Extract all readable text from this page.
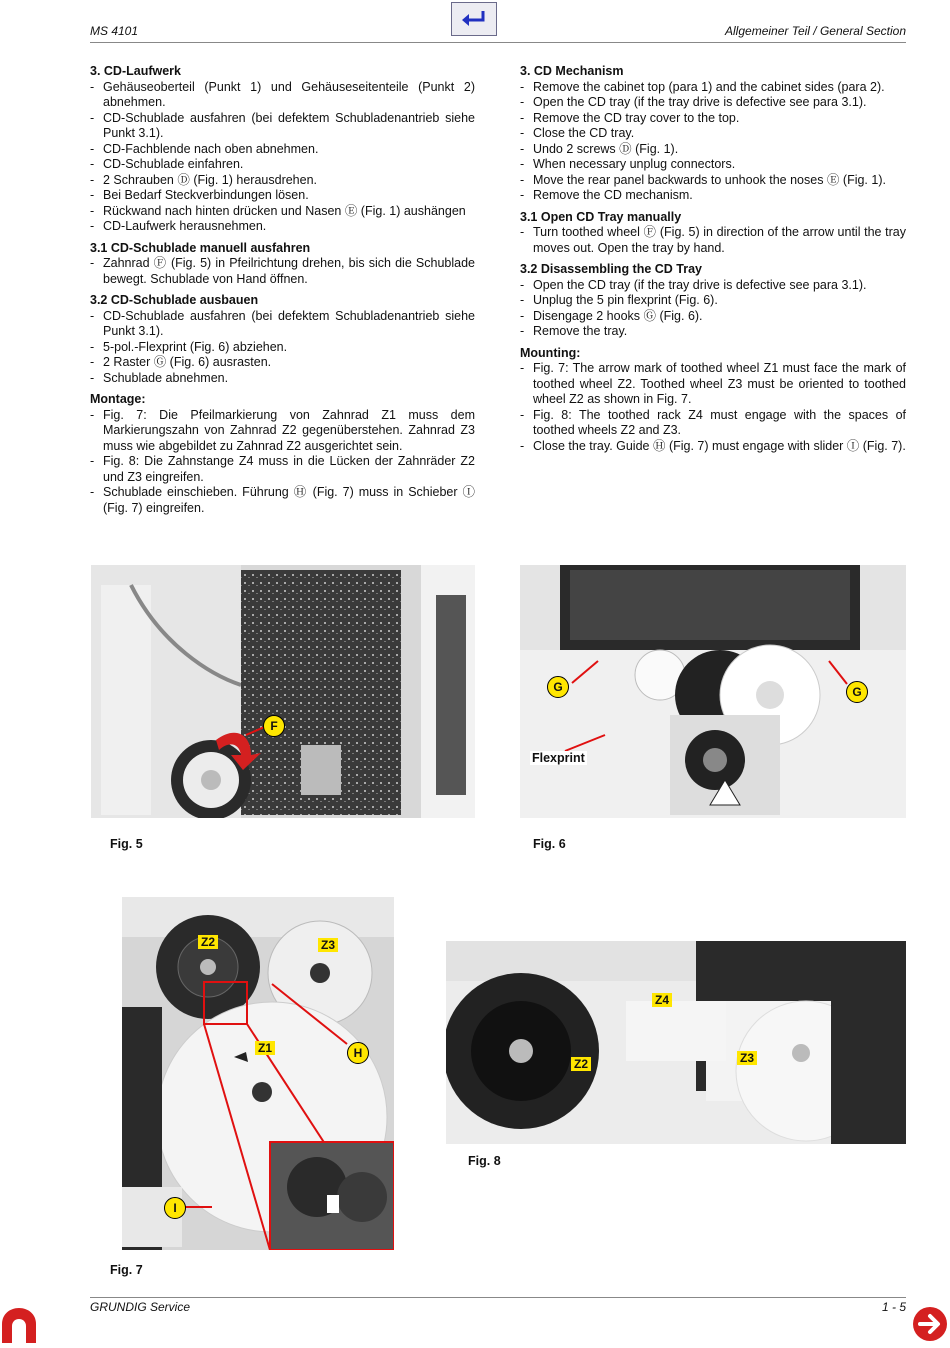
MS 4101	Allgemeiner Teil / General Section
3. CD-Laufwerk
- Gehäuseoberteil (Punkt 1) und Gehäuseseitenteile (Punkt 2) abnehmen.
- CD-Schublade ausfahren (bei defektem Schubladenantrieb siehe Punkt 3.1).
- CD-Fachblende nach oben abnehmen.
- CD-Schublade einfahren.
- 2 Schrauben Ⓓ (Fig. 1) herausdrehen.
- Bei Bedarf Steckverbindungen lösen.
- Rückwand nach hinten drücken und Nasen Ⓔ (Fig. 1) aushängen
- CD-Laufwerk herausnehmen.
3.1 CD-Schublade manuell ausfahren
- Zahnrad Ⓕ (Fig. 5) in Pfeilrichtung drehen, bis sich die Schublade bewegt. Schublade von Hand öffnen.
3.2 CD-Schublade ausbauen
- CD-Schublade ausfahren (bei defektem Schubladenantrieb siehe Punkt 3.1).
- 5-pol.-Flexprint (Fig. 6) abziehen.
- 2 Raster Ⓖ (Fig. 6) ausrasten.
- Schublade abnehmen.
Montage:
- Fig. 7: Die Pfeilmarkierung von Zahnrad Z1 muss dem Markierungszahn von Zahnrad Z2 gegenüberstehen. Zahnrad Z3 muss wie abgebildet zu Zahnrad Z2 ausgerichtet sein.
- Fig. 8: Die Zahnstange Z4 muss in die Lücken der Zahnräder Z2 und Z3 eingreifen.
- Schublade einschieben. Führung Ⓗ (Fig. 7) muss in Schieber Ⓘ (Fig. 7) eingreifen.
3. CD Mechanism
- Remove the cabinet top (para 1) and the cabinet sides (para 2).
- Open the CD tray (if the tray drive is defective see para 3.1).
- Remove the CD tray cover to the top.
- Close the CD tray.
- Undo 2 screws Ⓓ (Fig. 1).
- When necessary unplug connectors.
- Move the rear panel backwards to unhook the noses Ⓔ (Fig. 1).
- Remove the CD mechanism.
3.1 Open CD Tray manually
- Turn toothed wheel Ⓕ (Fig. 5) in direction of the arrow until the tray moves out. Open the tray by hand.
3.2 Disassembling the CD Tray
- Open the CD tray (if the tray drive is defective see para 3.1).
- Unplug the 5 pin flexprint (Fig. 6).
- Disengage 2 hooks Ⓖ (Fig. 6).
- Remove the tray.
Mounting:
- Fig. 7: The arrow mark of toothed wheel Z1 must face the mark of toothed wheel Z2. Toothed wheel Z3 must be oriented to toothed wheel Z2 as shown in Fig. 7.
- Fig. 8: The toothed rack Z4 must engage with the spaces of toothed wheels Z2 and Z3.
- Close the tray. Guide Ⓗ (Fig. 7) must engage with slider Ⓘ (Fig. 7).
F
Fig. 5
G	G
Flexprint
Fig. 6
Z2	Z3
Z1	H
I
Fig. 7
Z4
Z2	Z3
Fig. 8
GRUNDIG Service	1 - 5
